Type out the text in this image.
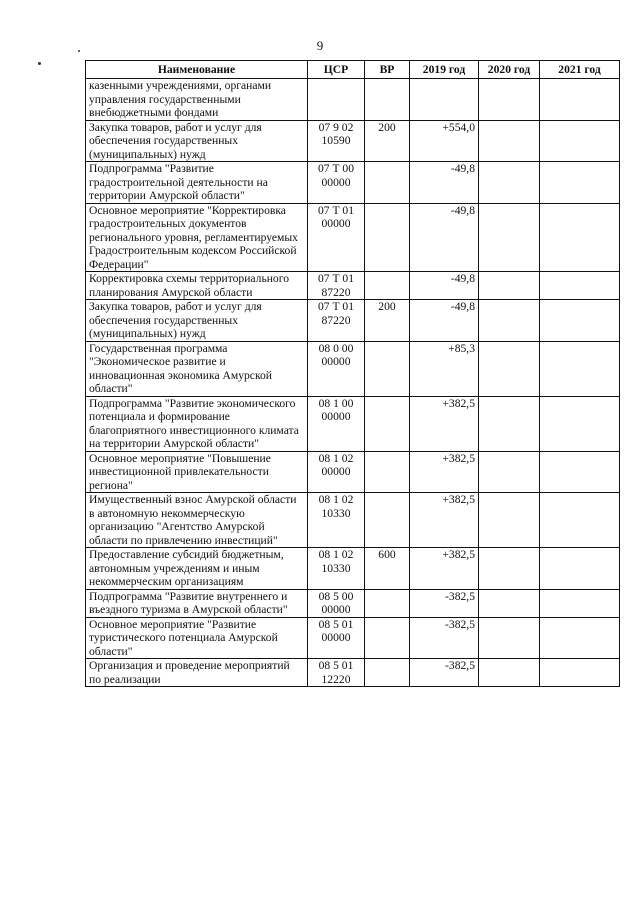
9
Наименование	ЦСР	ВР	2019 год	2020 год	2021 год
казенными учреждениями, органами управления государственными внебюджетными фондами					
Закупка товаров, работ и услуг для обеспечения государственных (муниципальных) нужд	07 9 02 10590	200	+554,0		
Подпрограмма "Развитие градостроительной деятельности на территории Амурской области"	07 Т 00 00000		-49,8		
Основное мероприятие "Корректировка градостроительных документов регионального уровня, регламентируемых Градостроительным кодексом Российской Федерации"	07 Т 01 00000		-49,8		
Корректировка схемы территориального планирования Амурской области	07 Т 01 87220		-49,8		
Закупка товаров, работ и услуг для обеспечения государственных (муниципальных) нужд	07 Т 01 87220	200	-49,8		
Государственная программа "Экономическое развитие и инновационная экономика Амурской области"	08 0 00 00000		+85,3		
Подпрограмма "Развитие экономического потенциала и формирование благоприятного инвестиционного климата на территории Амурской области"	08 1 00 00000		+382,5		
Основное мероприятие "Повышение инвестиционной привлекательности региона"	08 1 02 00000		+382,5		
Имущественный взнос Амурской области в автономную некоммерческую организацию "Агентство Амурской области по привлечению инвестиций"	08 1 02 10330		+382,5		
Предоставление субсидий бюджетным, автономным учреждениям и иным некоммерческим организациям	08 1 02 10330	600	+382,5		
Подпрограмма "Развитие внутреннего и въездного туризма в Амурской области"	08 5 00 00000		-382,5		
Основное мероприятие "Развитие туристического потенциала Амурской области"	08 5 01 00000		-382,5		
Организация и проведение мероприятий по реализации	08 5 01 12220		-382,5		
